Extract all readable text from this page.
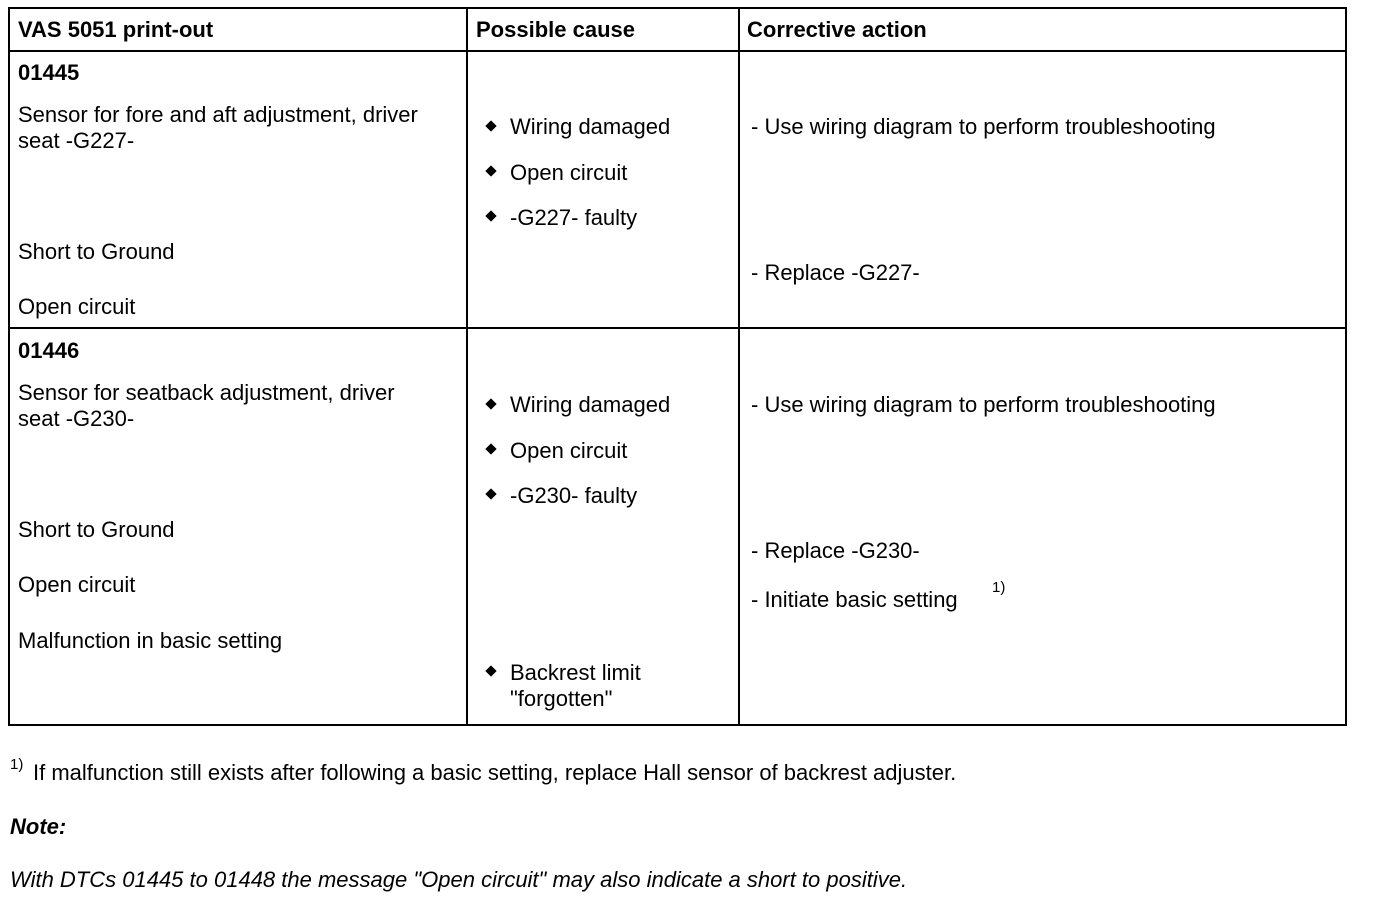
VAS 5051 print-out	Possible cause	Corrective action
01445
Sensor for fore and aft adjustment, driver
seat -G227-
Short to Ground
Open circuit
Wiring damaged
Open circuit
-G227- faulty
- Use wiring diagram to perform troubleshooting
- Replace -G227-
01446
Sensor for seatback adjustment, driver
seat -G230-
Short to Ground
Open circuit
Malfunction in basic setting
Wiring damaged
Open circuit
-G230- faulty
Backrest limit
"forgotten"
- Use wiring diagram to perform troubleshooting
- Replace -G230-
- Initiate basic setting 1)
1) If malfunction still exists after following a basic setting, replace Hall sensor of backrest adjuster.
Note:
With DTCs 01445 to 01448 the message "Open circuit" may also indicate a short to positive.
